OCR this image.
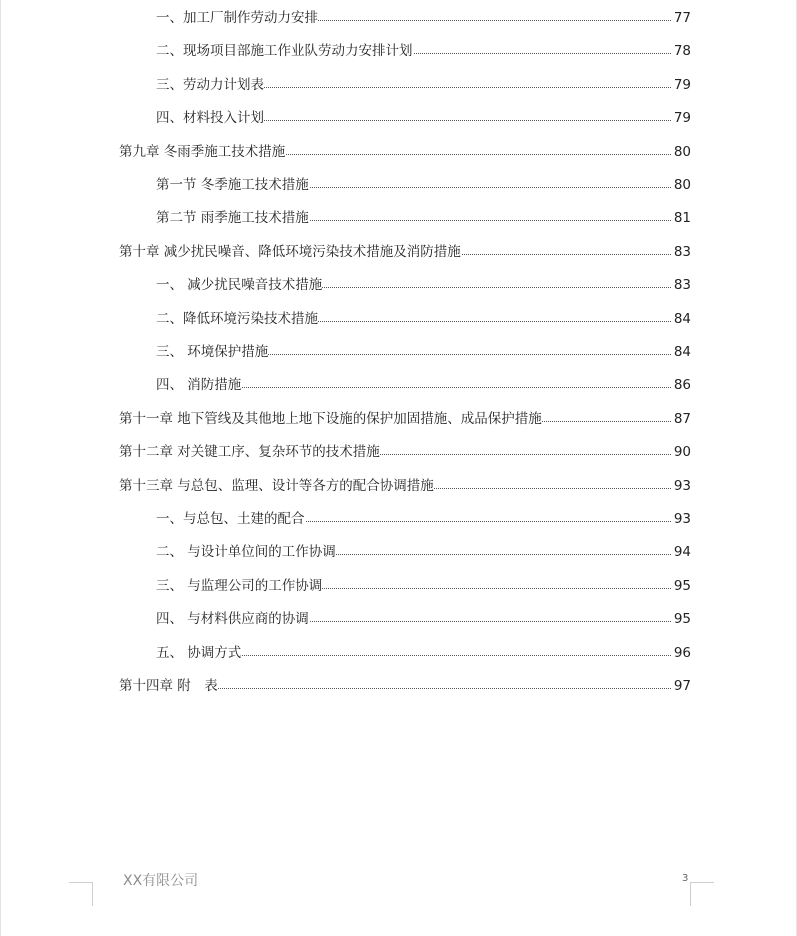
一、加工厂制作劳动力安排	77
二、现场项目部施工作业队劳动力安排计划	78
三、劳动力计划表	79
四、材料投入计划	79
第九章 冬雨季施工技术措施	80
第一节 冬季施工技术措施	80
第二节 雨季施工技术措施	81
第十章 减少扰民噪音、降低环境污染技术措施及消防措施	83
一、 减少扰民噪音技术措施	83
二、降低环境污染技术措施	84
三、 环境保护措施	84
四、 消防措施	86
第十一章 地下管线及其他地上地下设施的保护加固措施、成品保护措施	87
第十二章 对关键工序、复杂环节的技术措施	90
第十三章 与总包、监理、设计等各方的配合协调措施	93
一、与总包、土建的配合	93
二、 与设计单位间的工作协调	94
三、 与监理公司的工作协调	95
四、 与材料供应商的协调	95
五、 协调方式	96
第十四章 附　表	97
XX有限公司	3
